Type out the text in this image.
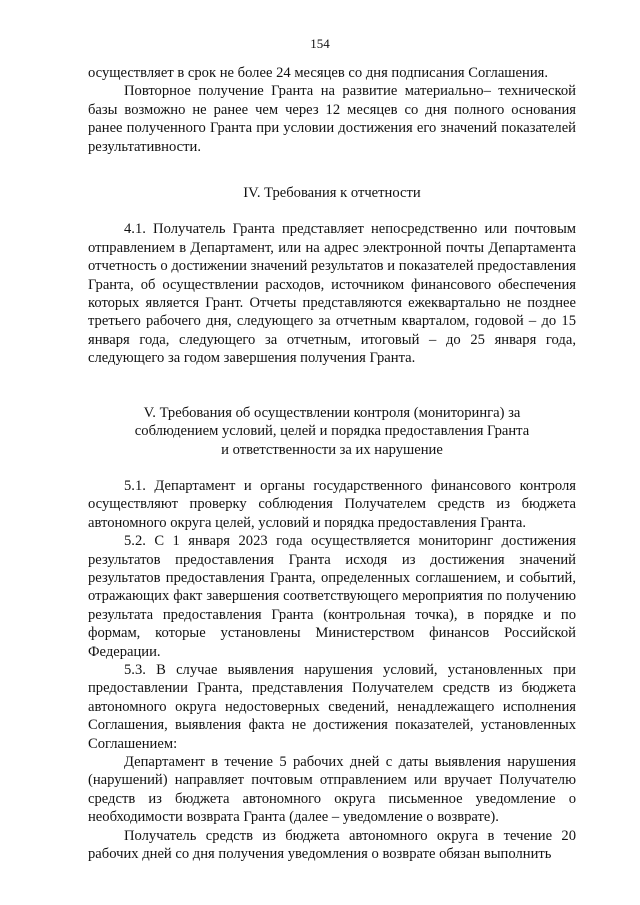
154

осуществляет в срок не более 24 месяцев со дня подписания Соглашения.

Повторное получение Гранта на развитие материально– технической базы возможно не ранее чем через 12 месяцев со дня полного основания ранее полученного Гранта при условии достижения его значений показателей результативности.

IV. Требования к отчетности

4.1. Получатель Гранта представляет непосредственно или почтовым отправлением в Департамент, или на адрес электронной почты Департамента отчетность о достижении значений результатов и показателей предоставления Гранта, об осуществлении расходов, источником финансового обеспечения которых является Грант. Отчеты представляются ежеквартально не позднее третьего рабочего дня, следующего за отчетным кварталом, годовой – до 15 января года, следующего за отчетным, итоговый – до 25 января года, следующего за годом завершения получения Гранта.

V. Требования об осуществлении контроля (мониторинга) за
соблюдением условий, целей и порядка предоставления Гранта
и ответственности за их нарушение

5.1. Департамент и органы государственного финансового контроля осуществляют проверку соблюдения Получателем средств из бюджета автономного округа целей, условий и порядка предоставления Гранта.

5.2. С 1 января 2023 года осуществляется мониторинг достижения результатов предоставления Гранта исходя из достижения значений результатов предоставления Гранта, определенных соглашением, и событий, отражающих факт завершения соответствующего мероприятия по получению результата предоставления Гранта (контрольная точка), в порядке и по формам, которые установлены Министерством финансов Российской Федерации.

5.3. В случае выявления нарушения условий, установленных при предоставлении Гранта, представления Получателем средств из бюджета автономного округа недостоверных сведений, ненадлежащего исполнения Соглашения, выявления факта не достижения показателей, установленных Соглашением:

Департамент в течение 5 рабочих дней с даты выявления нарушения (нарушений) направляет почтовым отправлением или вручает Получателю средств из бюджета автономного округа письменное уведомление о необходимости возврата Гранта (далее – уведомление о возврате).

Получатель средств из бюджета автономного округа в течение 20 рабочих дней со дня получения уведомления о возврате обязан выполнить
